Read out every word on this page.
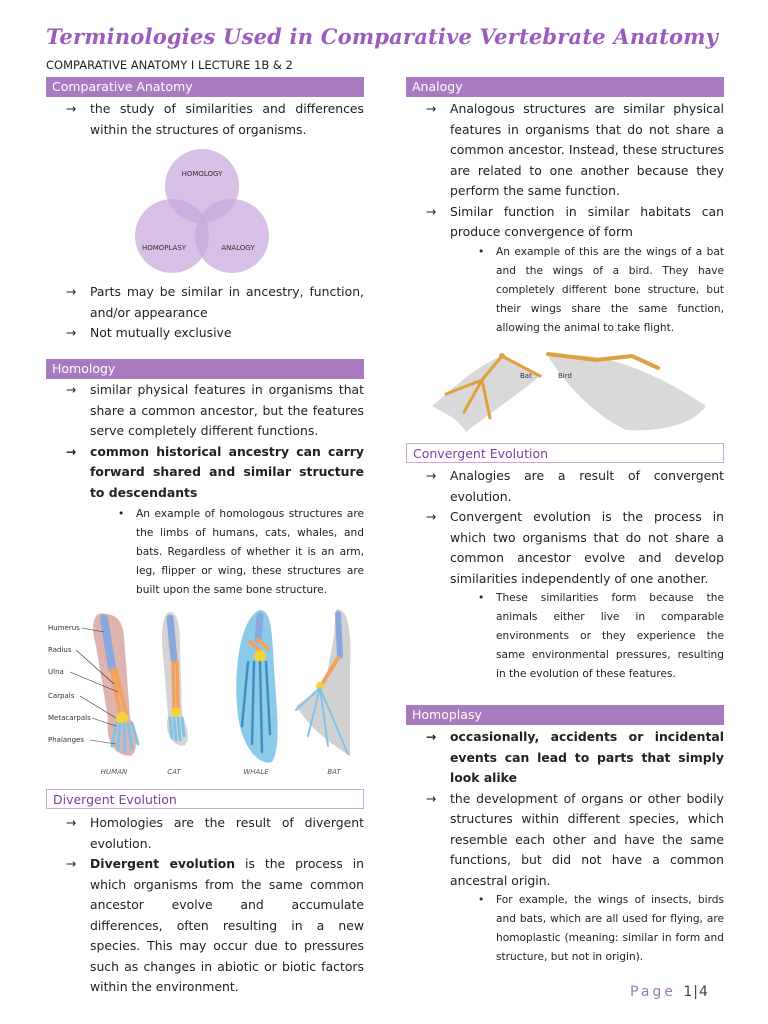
Terminologies Used in Comparative Vertebrate Anatomy
COMPARATIVE ANATOMY I LECTURE 1B & 2
Comparative Anatomy
→ the study of similarities and differences within the structures of organisms.
HOMOLOGY
HOMOPLASY	ANALOGY
→ Parts may be similar in ancestry, function, and/or appearance
→ Not mutually exclusive
Homology
→ similar physical features in organisms that share a common ancestor, but the features serve completely different functions.
→ common historical ancestry can carry forward shared and similar structure to descendants
• An example of homologous structures are the limbs of humans, cats, whales, and bats. Regardless of whether it is an arm, leg, flipper or wing, these structures are built upon the same bone structure.
Humerus
Radius
Ulna
Carpals
Metacarpals
Phalanges
HUMAN	CAT	WHALE	BAT
Divergent Evolution
→ Homologies are the result of divergent evolution.
→ Divergent evolution is the process in which organisms from the same common ancestor evolve and accumulate differences, often resulting in a new species. This may occur due to pressures such as changes in abiotic or biotic factors within the environment.
Analogy
→ Analogous structures are similar physical features in organisms that do not share a common ancestor. Instead, these structures are related to one another because they perform the same function.
→ Similar function in similar habitats can produce convergence of form
• An example of this are the wings of a bat and the wings of a bird. They have completely different bone structure, but their wings share the same function, allowing the animal to take flight.
Bat	Bird
Convergent Evolution
→ Analogies are a result of convergent evolution.
→ Convergent evolution is the process in which two organisms that do not share a common ancestor evolve and develop similarities independently of one another.
• These similarities form because the animals either live in comparable environments or they experience the same environmental pressures, resulting in the evolution of these features.
Homoplasy
→ occasionally, accidents or incidental events can lead to parts that simply look alike
→ the development of organs or other bodily structures within different species, which resemble each other and have the same functions, but did not have a common ancestral origin.
• For example, the wings of insects, birds and bats, which are all used for flying, are homoplastic (meaning: similar in form and structure, but not in origin).
Page 1|4
